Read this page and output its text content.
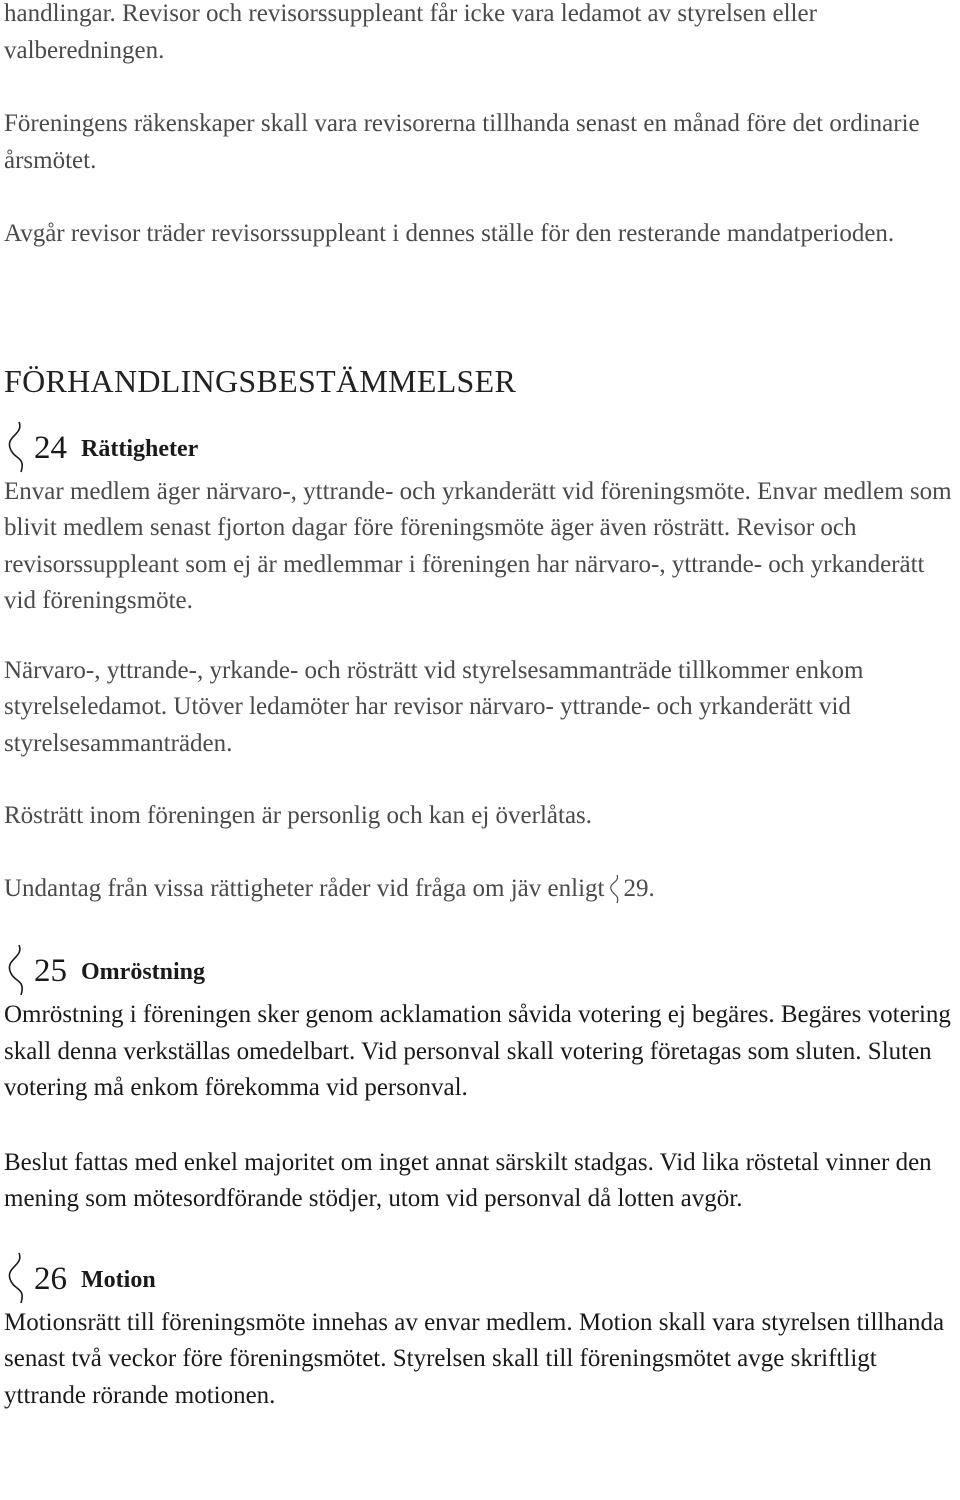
handlingar. Revisor och revisorssuppleant får icke vara ledamot av styrelsen eller valberedningen.

Föreningens räkenskaper skall vara revisorerna tillhanda senast en månad före det ordinarie årsmötet.

Avgår revisor träder revisorssuppleant i dennes ställe för den resterande mandatperioden.

FÖRHANDLINGSBESTÄMMELSER
24 Rättigheter

Envar medlem äger närvaro-, yttrande- och yrkanderätt vid föreningsmöte. Envar medlem som blivit medlem senast fjorton dagar före föreningsmöte äger även rösträtt. Revisor och revisorssuppleant som ej är medlemmar i föreningen har närvaro-, yttrande- och yrkanderätt vid föreningsmöte.

Närvaro-, yttrande-, yrkande- och rösträtt vid styrelsesammanträde tillkommer enkom styrelseledamot. Utöver ledamöter har revisor närvaro- yttrande- och yrkanderätt vid styrelsesammanträden.

Rösträtt inom föreningen är personlig och kan ej överlåtas.

Undantag från vissa rättigheter råder vid fråga om jäv enligt 29.

25 Omröstning

Omröstning i föreningen sker genom acklamation såvida votering ej begäres. Begäres votering skall denna verkställas omedelbart. Vid personval skall votering företagas som sluten. Sluten votering må enkom förekomma vid personval.

Beslut fattas med enkel majoritet om inget annat särskilt stadgas. Vid lika röstetal vinner den mening som mötesordförande stödjer, utom vid personval då lotten avgör.

26 Motion

Motionsrätt till föreningsmöte innehas av envar medlem. Motion skall vara styrelsen tillhanda senast två veckor före föreningsmötet. Styrelsen skall till föreningsmötet avge skriftligt yttrande rörande motionen.
